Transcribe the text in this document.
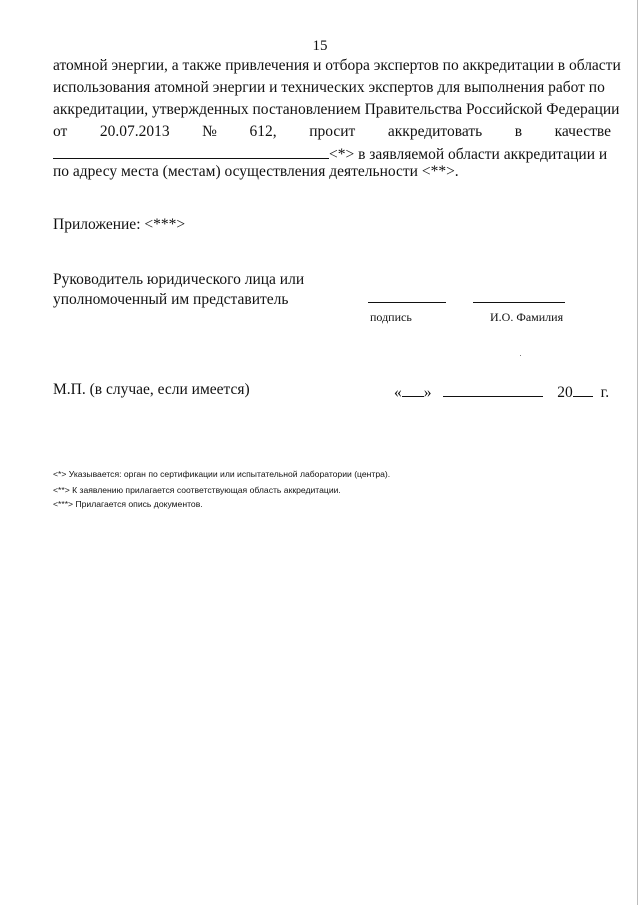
15
атомной энергии, а также привлечения и отбора экспертов по аккредитации в области
использования атомной энергии и технических экспертов для выполнения работ по
аккредитации, утвержденных постановлением Правительства Российской Федерации
от 20.07.2013 № 612, просит аккредитовать в качестве
<*> в заявляемой области аккредитации и
по адресу места (местам) осуществления деятельности <**>.
Приложение: <***>
Руководитель юридического лица или
уполномоченный им представитель
подпись	И.О. Фамилия
М.П. (в случае, если имеется)	« »	20 г.
<*> Указывается: орган по сертификации или испытательной лаборатории (центра).
<**> К заявлению прилагается соответствующая область аккредитации.
<***> Прилагается опись документов.
